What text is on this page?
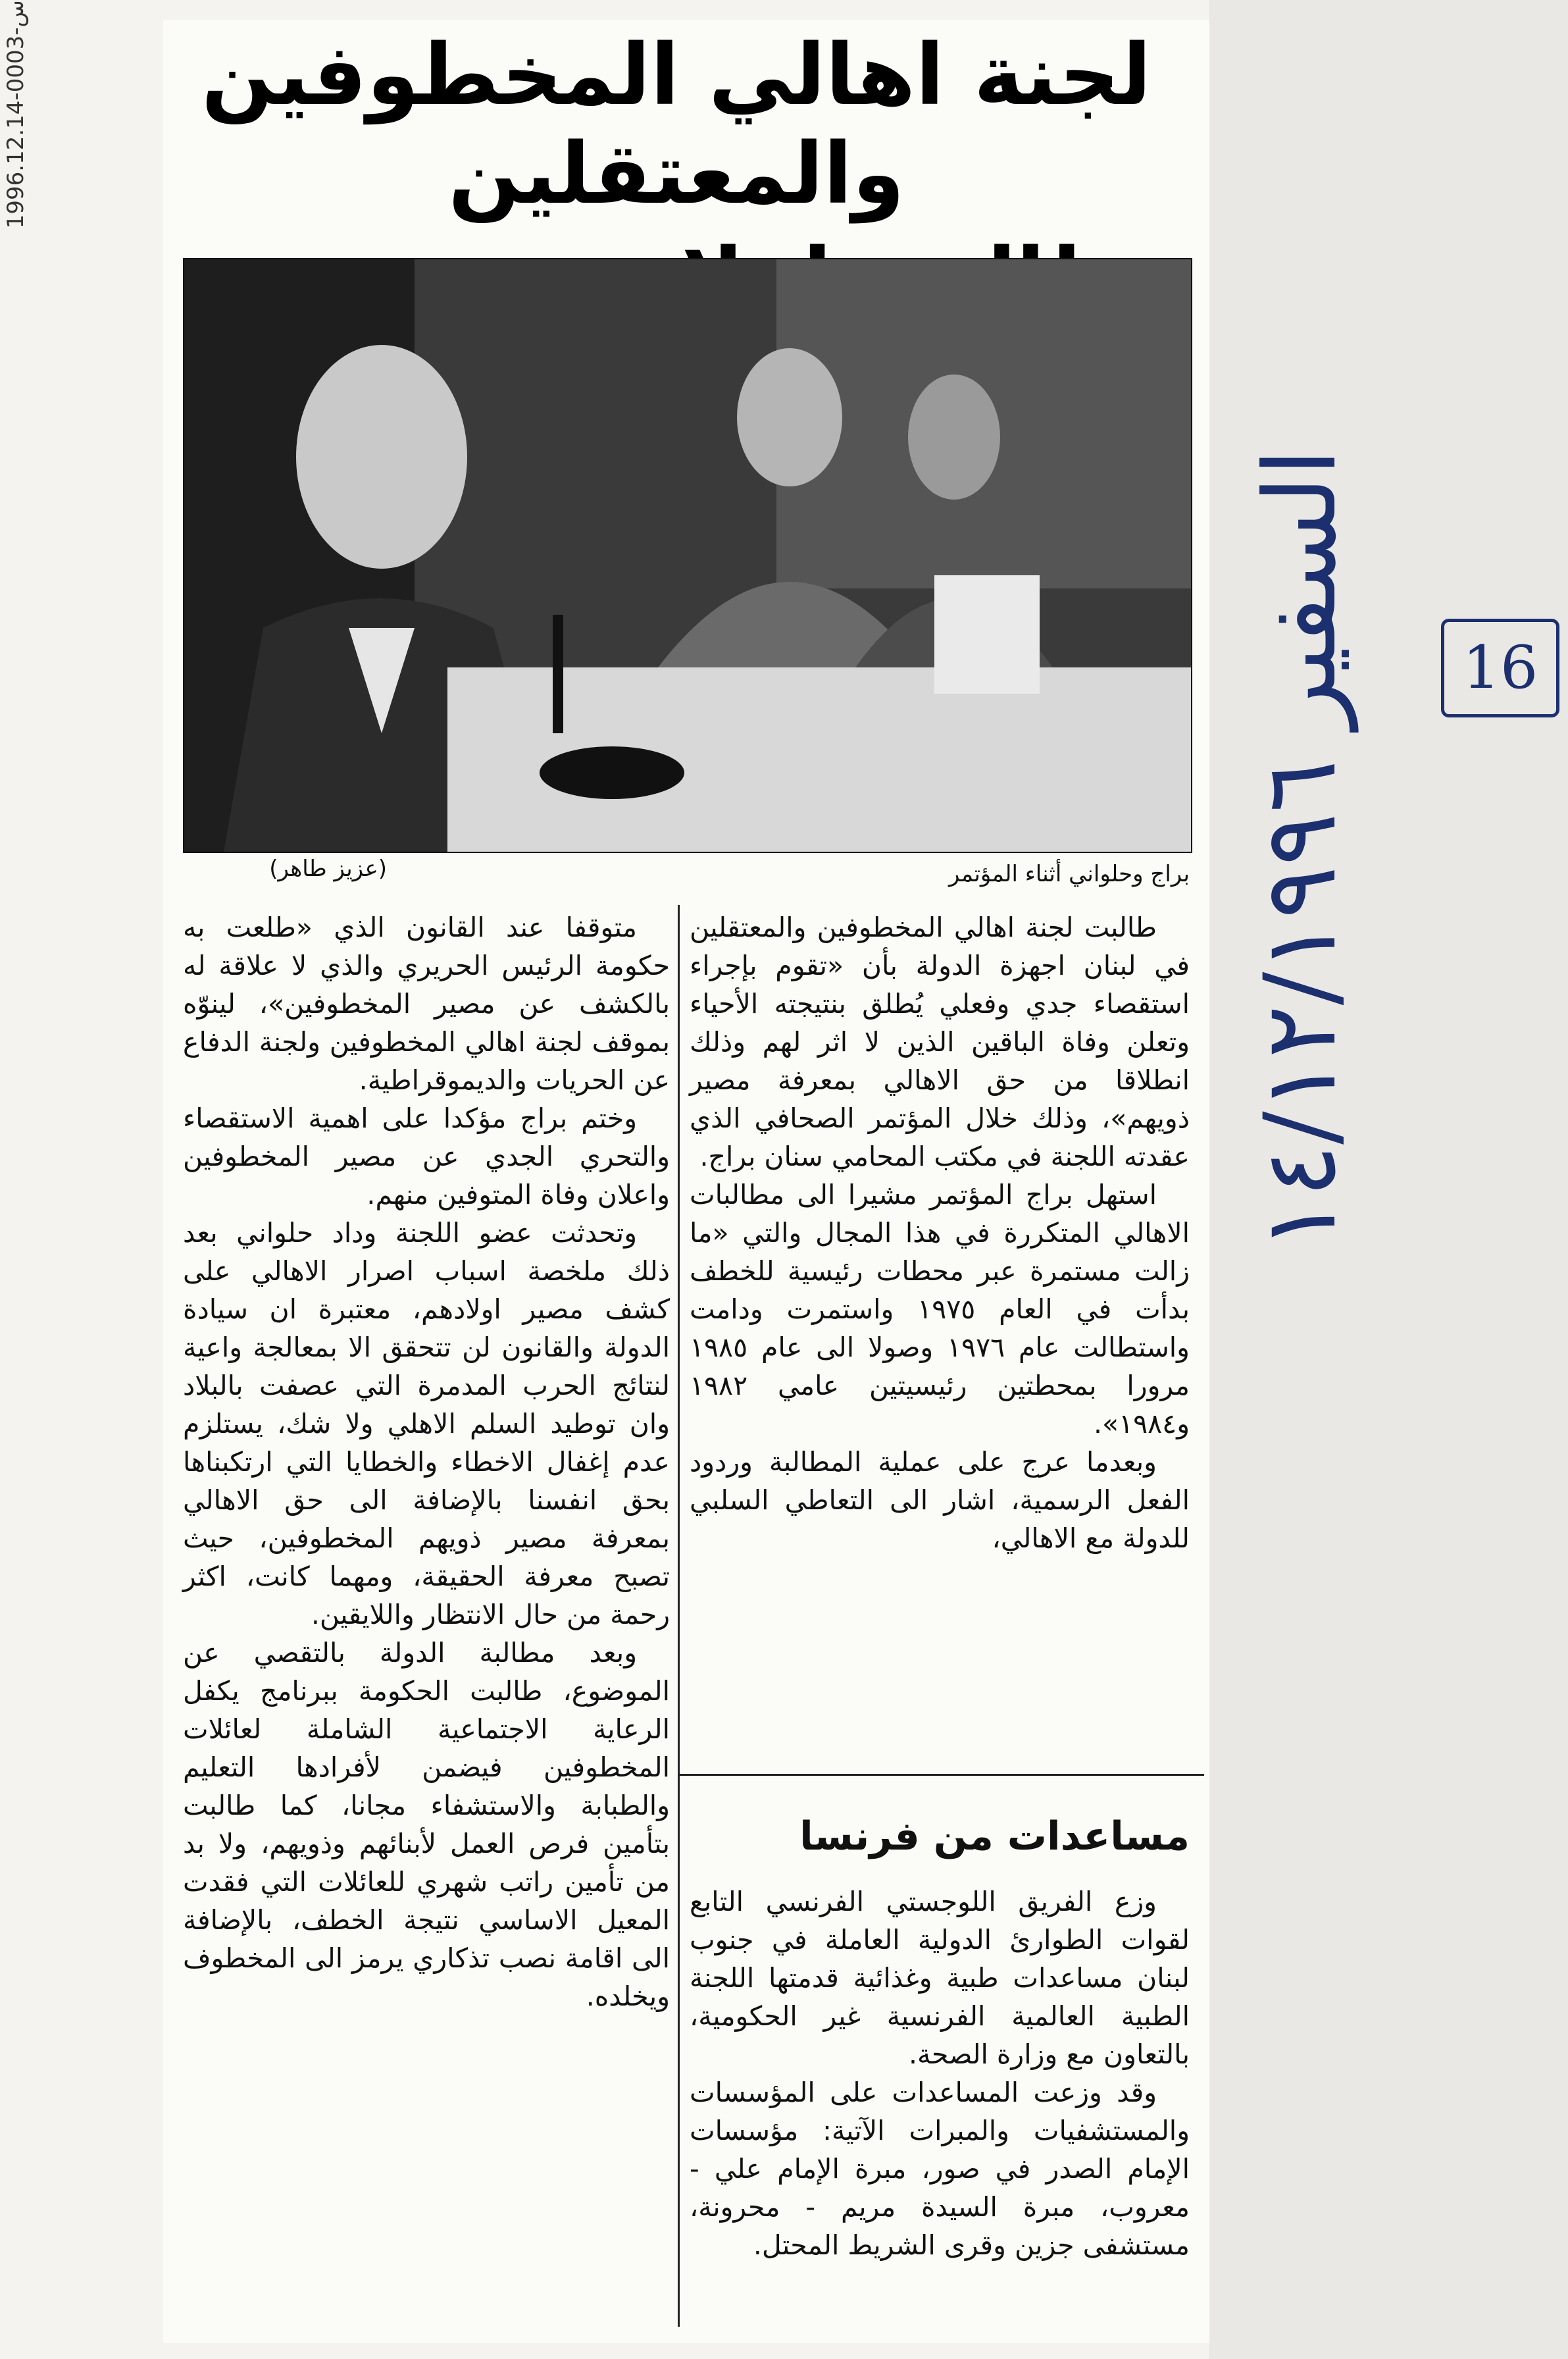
1996.12.14-0003-س
لجنة اهالي المخطوفين والمعتقلين
براج وحلواني أثناء المؤتمر
(عزيز طاهر)

طالبت لجنة اهالي المخطوفين والمعتقلين في لبنان اجهزة الدولة بأن «تقوم بإجراء استقصاء جدي وفعلي يُطلق بنتيجته الأحياء وتعلن وفاة الباقين الذين لا اثر لهم وذلك انطلاقا من حق الاهالي بمعرفة مصير ذويهم»، وذلك خلال المؤتمر الصحافي الذي عقدته اللجنة في مكتب المحامي سنان براج.

استهل براج المؤتمر مشيرا الى مطالبات الاهالي المتكررة في هذا المجال والتي «ما زالت مستمرة عبر محطات رئيسية للخطف بدأت في العام ١٩٧٥ واستمرت ودامت واستطالت عام ١٩٧٦ وصولا الى عام ١٩٨٥ مرورا بمحطتين رئيسيتين عامي ١٩٨٢ و١٩٨٤».

وبعدما عرج على عملية المطالبة وردود الفعل الرسمية، اشار الى التعاطي السلبي للدولة مع الاهالي،

متوقفا عند القانون الذي «طلعت به حكومة الرئيس الحريري والذي لا علاقة له بالكشف عن مصير المخطوفين»، لينوّه بموقف لجنة اهالي المخطوفين ولجنة الدفاع عن الحريات والديموقراطية.

وختم براج مؤكدا على اهمية الاستقصاء والتحري الجدي عن مصير المخطوفين واعلان وفاة المتوفين منهم.

وتحدثت عضو اللجنة وداد حلواني بعد ذلك ملخصة اسباب اصرار الاهالي على كشف مصير اولادهم، معتبرة ان سيادة الدولة والقانون لن تتحقق الا بمعالجة واعية لنتائج الحرب المدمرة التي عصفت بالبلاد وان توطيد السلم الاهلي ولا شك، يستلزم عدم إغفال الاخطاء والخطايا التي ارتكبناها بحق انفسنا بالإضافة الى حق الاهالي بمعرفة مصير ذويهم المخطوفين، حيث تصبح معرفة الحقيقة، ومهما كانت، اكثر رحمة من حال الانتظار واللايقين.

وبعد مطالبة الدولة بالتقصي عن الموضوع، طالبت الحكومة ببرنامج يكفل الرعاية الاجتماعية الشاملة لعائلات المخطوفين فيضمن لأفرادها التعليم والطبابة والاستشفاء مجانا، كما طالبت بتأمين فرص العمل لأبنائهم وذويهم، ولا بد من تأمين راتب شهري للعائلات التي فقدت المعيل الاساسي نتيجة الخطف، بالإضافة الى اقامة نصب تذكاري يرمز الى المخطوف ويخلده.

مساعدات من فرنسا

وزع الفريق اللوجستي الفرنسي التابع لقوات الطوارئ الدولية العاملة في جنوب لبنان مساعدات طبية وغذائية قدمتها اللجنة الطبية العالمية الفرنسية غير الحكومية، بالتعاون مع وزارة الصحة.

وقد وزعت المساعدات على المؤسسات والمستشفيات والمبرات الآتية: مؤسسات الإمام الصدر في صور، مبرة الإمام علي - معروب، مبرة السيدة مريم - محرونة، مستشفى جزين وقرى الشريط المحتل.

16
السفير ١٤/١٢/١٩٩٦
